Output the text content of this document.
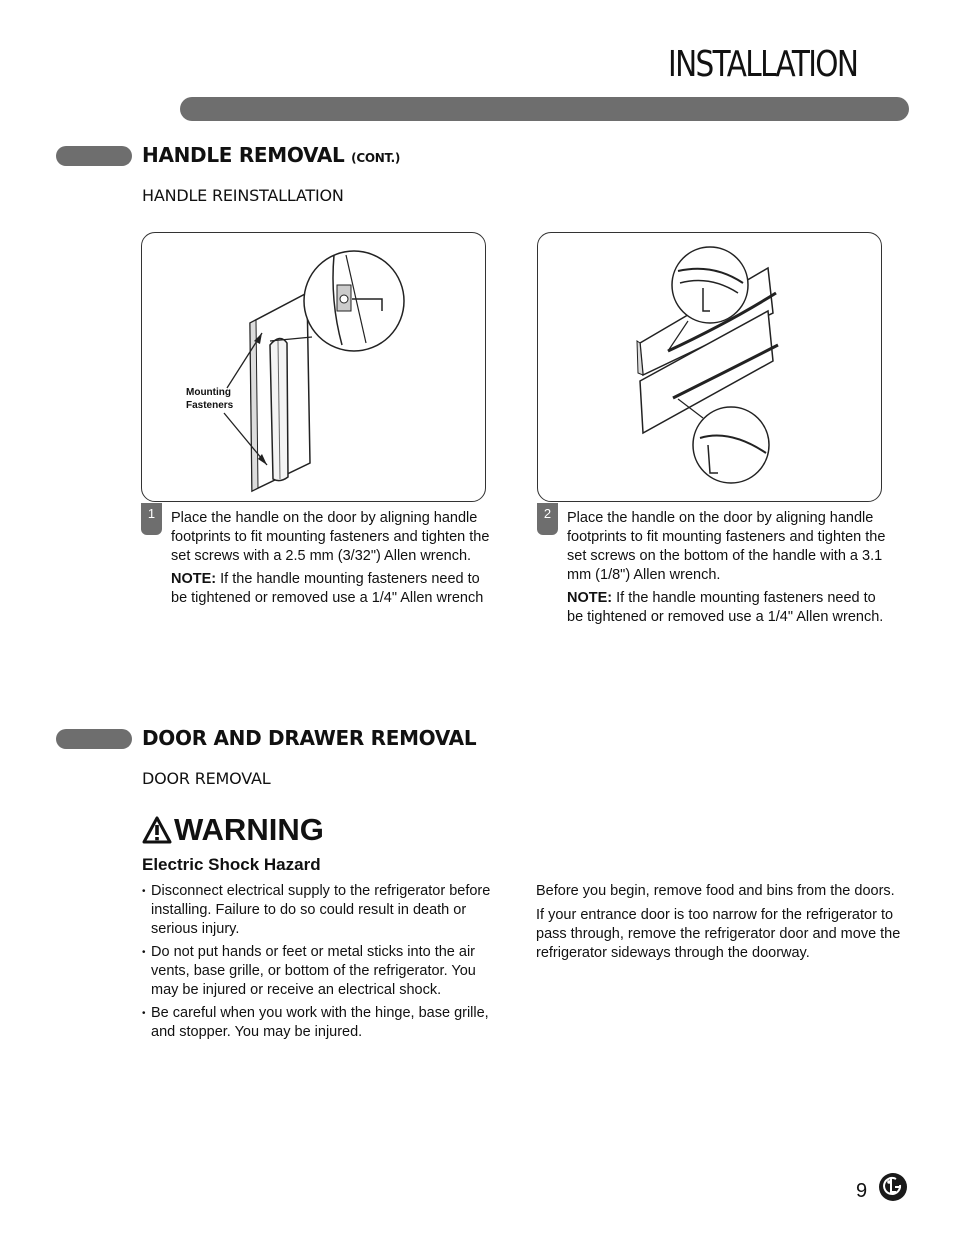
INSTALLATION
HANDLE REMOVAL (CONT.)
HANDLE REINSTALLATION
Mounting Fasteners
1	Place the handle on the door by aligning handle footprints to fit mounting fasteners and tighten the set screws with a 2.5 mm (3/32") Allen wrench.

NOTE: If the handle mounting fasteners need to be tightened or removed use a 1/4" Allen wrench

2	Place the handle on the door by aligning handle footprints to fit mounting fasteners and tighten the set screws on the bottom of the handle with a 3.1 mm (1/8") Allen wrench.

NOTE: If the handle mounting fasteners need to be tightened or removed use a 1/4" Allen wrench.

DOOR AND DRAWER REMOVAL
DOOR REMOVAL
WARNING
Electric Shock Hazard
• Disconnect electrical supply to the refrigerator before installing. Failure to do so could result in death or serious injury.
• Do not put hands or feet or metal sticks into the air vents, base grille, or bottom of the refrigerator. You may be injured or receive an electrical shock.
• Be careful when you work with the hinge, base grille, and stopper. You may be injured.

Before you begin, remove food and bins from the doors.

If your entrance door is too narrow for the refrigerator to pass through, remove the refrigerator door and move the refrigerator sideways through the doorway.

9
